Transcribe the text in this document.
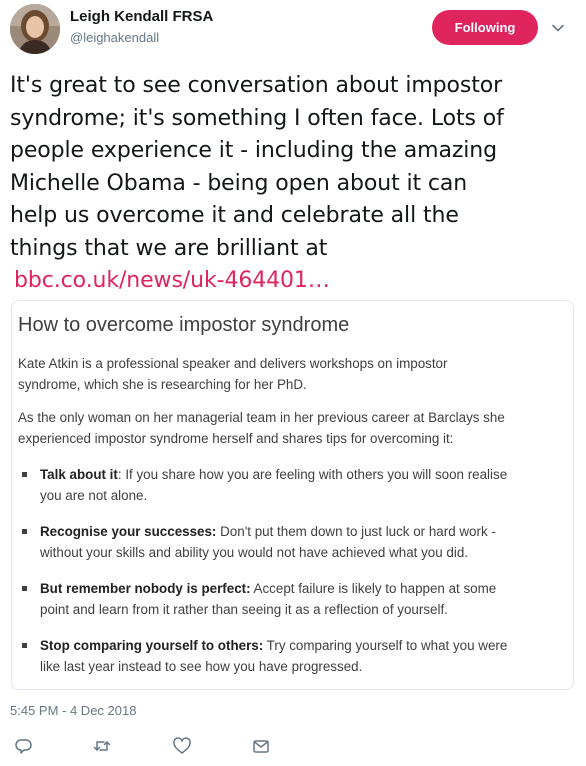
Leigh Kendall FRSA
@leighakendall
Following
It's great to see conversation about impostor
syndrome; it's something I often face. Lots of
people experience it - including the amazing
Michelle Obama - being open about it can
help us overcome it and celebrate all the
things that we are brilliant at
bbc.co.uk/news/uk-464401…
How to overcome impostor syndrome
Kate Atkin is a professional speaker and delivers workshops on impostor
syndrome, which she is researching for her PhD.
As the only woman on her managerial team in her previous career at Barclays she
experienced impostor syndrome herself and shares tips for overcoming it:
Talk about it: If you share how you are feeling with others you will soon realise
you are not alone.
Recognise your successes: Don't put them down to just luck or hard work -
without your skills and ability you would not have achieved what you did.
But remember nobody is perfect: Accept failure is likely to happen at some
point and learn from it rather than seeing it as a reflection of yourself.
Stop comparing yourself to others: Try comparing yourself to what you were
like last year instead to see how you have progressed.
5:45 PM - 4 Dec 2018
